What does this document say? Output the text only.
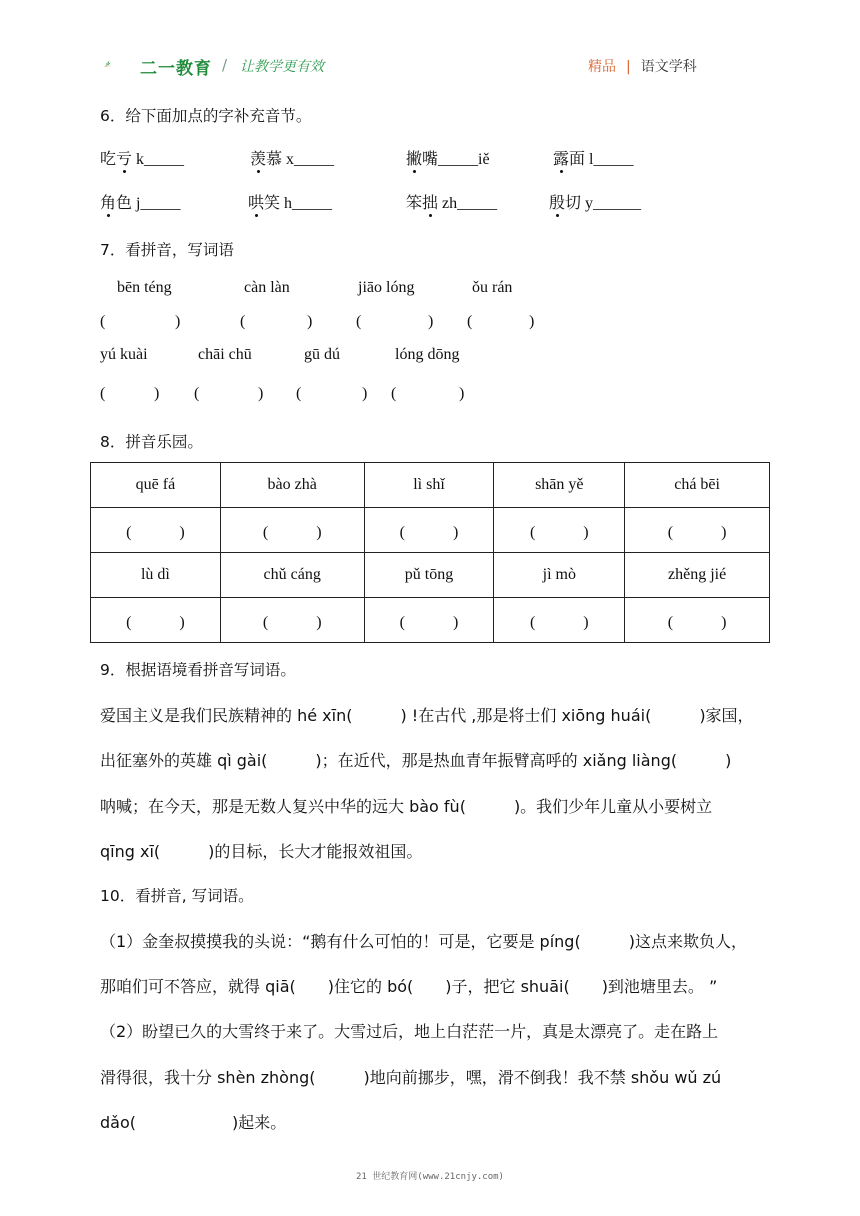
二一教育 / 让教学更有效	精品 | 语文学科
6．给下面加点的字补充音节。
吃亏 k_____	羡慕 x_____	撇嘴_____iě	露面 l_____
角色 j_____	哄笑 h_____	笨拙 zh_____	殷切 y______
7．看拼音，写词语
bēn téng	càn làn	jiāo lóng	ǒu rán
(	)	(	)	(	) (	)
yú kuài	chāi chū	gū dú	lóng dōng
(	) (	) (	) (	)
8．拼音乐园。
quē fá	bào zhà	lì shǐ	shān yě	chá bēi
(　　　)	(　　　)	(　　　)	(　　　)	(　　　)
lù dì	chǔ cáng	pǔ tōng	jì mò	zhěng jié
(　　　)	(　　　)	(　　　)	(　　　)	(　　　)
9．根据语境看拼音写词语。
爱国主义是我们民族精神的 hé xīn(　　　) !在古代 ,那是将士们 xiōng huái(　　　)家国，
出征塞外的英雄 qì gài(　　　)；在近代，那是热血青年振臂高呼的 xiǎng liàng(　　　)
呐喊；在今天，那是无数人复兴中华的远大 bào fù(　　　)。我们少年儿童从小要树立
qīng xī(　　　)的目标，长大才能报效祖国。
10．看拼音, 写词语。
（1）金奎叔摸摸我的头说：“鹅有什么可怕的！可是，它要是 píng(　　　)这点来欺负人，
那咱们可不答应，就得 qiā(　　)住它的 bó(　　)子，把它 shuāi(　　)到池塘里去。 ”
（2）盼望已久的大雪终于来了。大雪过后，地上白茫茫一片，真是太漂亮了。走在路上
滑得很，我十分 shèn zhòng(　　　)地向前挪步，嘿，滑不倒我！我不禁 shǒu wǔ zú
dǎo(　　　　　　)起来。
21 世纪教育网(www.21cnjy.com)
